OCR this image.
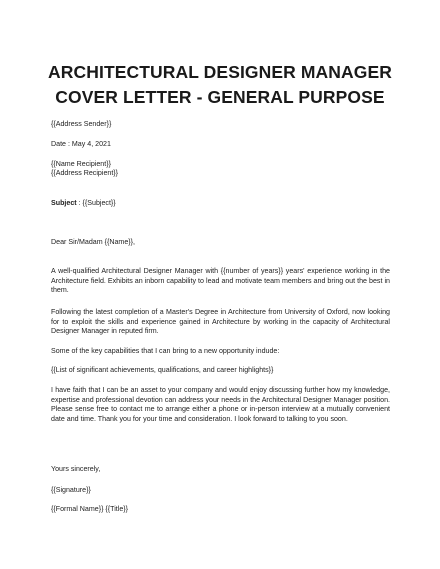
ARCHITECTURAL DESIGNER MANAGER
COVER LETTER - GENERAL PURPOSE
{{Address Sender}}
Date : May 4, 2021
{{Name Recipient}}
{{Address Recipient}}
Subject : {{Subject}}
Dear Sir/Madam {{Name}},
A well-qualified Architectural Designer Manager with {{number of years}} years' experience working in the Architecture field. Exhibits an inborn capability to lead and motivate team members and bring out the best in them.
Following the latest completion of a Master's Degree in Architecture from University of Oxford, now looking for to exploit the skills and experience gained in Architecture by working in the capacity of Architectural Designer Manager in reputed firm.
Some of the key capabilities that I can bring to a new opportunity indude:
{{List of significant achievements, qualifications, and career highlights}}
I have faith that I can be an asset to your company and would enjoy discussing further how my knowledge, expertise and professional devotion can address your needs in the Architectural Designer Manager position. Please sense free to contact me to arrange either a phone or in-person interview at a mutually convenient date and time. Thank you for your time and consideration. I look forward to talking to you soon.
Yours sincerely,
{{Signature}}
{{Formal Name}} {{Title}}
